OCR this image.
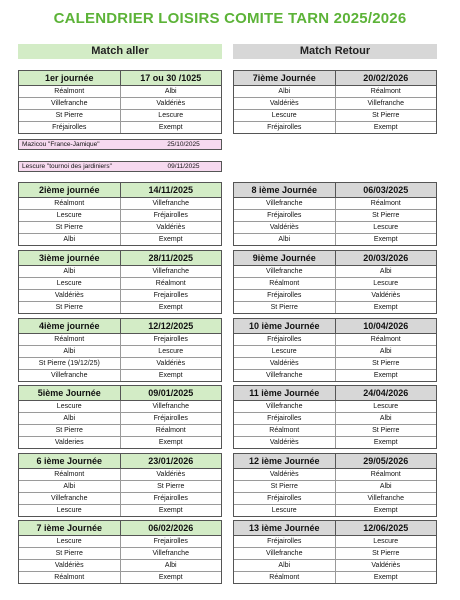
CALENDRIER LOISIRS COMITE TARN 2025/2026
Match aller	Match Retour
Mazicou "France-Jamique"	25/10/2025
Lescure "tournoi des jardiniers"	09/11/2025
1er journée	17 ou 30 /1025
Réalmont	Albi
Villefranche	Valdériès
St Pierre	Lescure
Fréjairolles	Exempt
7ième Journée	20/02/2026
Albi	Réalmont
Valdériès	Villefranche
Lescure	St Pierre
Fréjairolles	Exempt
2ième journée	14/11/2025
Réalmont	Villefranche
Lescure	Fréjairolles
St Pierre	Valdériès
Albi	Exempt
8 ième Journée	06/03/2025
Villefranche	Réalmont
Fréjairolles	St Pierre
Valdériès	Lescure
Albi	Exempt
3ième journée	28/11/2025
Albi	Villefranche
Lescure	Réalmont
Valdériès	Frejairolles
St Pierre	Exempt
9ième Journée	20/03/2026
Villefranche	Albi
Réalmont	Lescure
Fréjairolles	Valdériès
St Pierre	Exempt
4ième journée	12/12/2025
Réalmont	Frejairolles
Albi	Lescure
St Pierre (19/12/25)	Valdériès
Villefranche	Exempt
10 ième Journée	10/04/2026
Fréjairolles	Réalmont
Lescure	Albi
Valdériès	St Pierre
Villefranche	Exempt
5ième Journée	09/01/2025
Lescure	Villefranche
Albi	Fréjairolles
St Pierre	Réalmont
Valderies	Exempt
11 ième Journée	24/04/2026
Villefranche	Lescure
Fréjairolles	Albi
Réalmont	St Pierre
Valdériès	Exempt
6 ième Journée	23/01/2026
Réalmont	Valdériès
Albi	St Pierre
Villefranche	Fréjairolles
Lescure	Exempt
12 ième Journée	29/05/2026
Valdériès	Réalmont
St Pierre	Albi
Fréjairolles	Villefranche
Lescure	Exempt
7 ième Journée	06/02/2026
Lescure	Frejairolles
St Pierre	Villefranche
Valdériès	Albi
Réalmont	Exempt
13 ième Journée	12/06/2025
Fréjairolles	Lescure
Villefranche	St Pierre
Albi	Valdériès
Réalmont	Exempt
